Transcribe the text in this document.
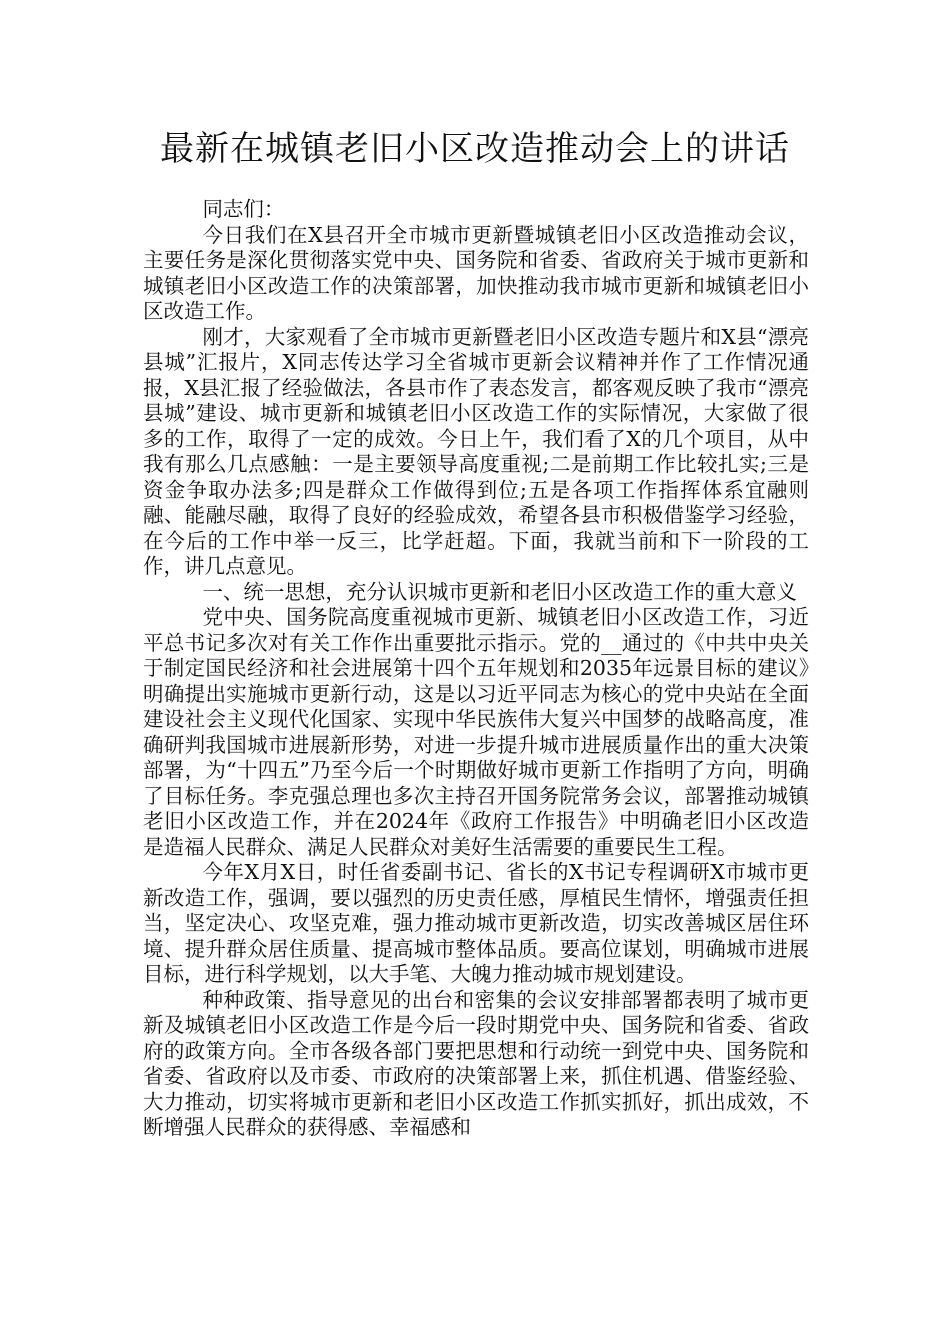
最新在城镇老旧小区改造推动会上的讲话

同志们：

今日我们在X县召开全市城市更新暨城镇老旧小区改造推动会议，主要任务是深化贯彻落实党中央、国务院和省委、省政府关于城市更新和城镇老旧小区改造工作的决策部署，加快推动我市城市更新和城镇老旧小区改造工作。

刚才，大家观看了全市城市更新暨老旧小区改造专题片和X县“漂亮县城”汇报片，X同志传达学习全省城市更新会议精神并作了工作情况通报，X县汇报了经验做法，各县市作了表态发言，都客观反映了我市“漂亮县城”建设、城市更新和城镇老旧小区改造工作的实际情况，大家做了很多的工作，取得了一定的成效。今日上午，我们看了X的几个项目，从中我有那么几点感触：一是主要领导高度重视;二是前期工作比较扎实;三是资金争取办法多;四是群众工作做得到位;五是各项工作指挥体系宜融则融、能融尽融，取得了良好的经验成效，希望各县市积极借鉴学习经验，在今后的工作中举一反三，比学赶超。下面，我就当前和下一阶段的工作，讲几点意见。

一、统一思想，充分认识城市更新和老旧小区改造工作的重大意义

党中央、国务院高度重视城市更新、城镇老旧小区改造工作，习近平总书记多次对有关工作作出重要批示指示。党的__通过的《中共中央关于制定国民经济和社会进展第十四个五年规划和2035年远景目标的建议》明确提出实施城市更新行动，这是以习近平同志为核心的党中央站在全面建设社会主义现代化国家、实现中华民族伟大复兴中国梦的战略高度，准确研判我国城市进展新形势，对进一步提升城市进展质量作出的重大决策部署，为“十四五”乃至今后一个时期做好城市更新工作指明了方向，明确了目标任务。李克强总理也多次主持召开国务院常务会议，部署推动城镇老旧小区改造工作，并在2024年《政府工作报告》中明确老旧小区改造是造福人民群众、满足人民群众对美好生活需要的重要民生工程。

今年X月X日，时任省委副书记、省长的X书记专程调研X市城市更新改造工作，强调，要以强烈的历史责任感，厚植民生情怀，增强责任担当，坚定决心、攻坚克难，强力推动城市更新改造，切实改善城区居住环境、提升群众居住质量、提高城市整体品质。要高位谋划，明确城市进展目标，进行科学规划，以大手笔、大魄力推动城市规划建设。

种种政策、指导意见的出台和密集的会议安排部署都表明了城市更新及城镇老旧小区改造工作是今后一段时期党中央、国务院和省委、省政府的政策方向。全市各级各部门要把思想和行动统一到党中央、国务院和省委、省政府以及市委、市政府的决策部署上来，抓住机遇、借鉴经验、大力推动，切实将城市更新和老旧小区改造工作抓实抓好，抓出成效，不断增强人民群众的获得感、幸福感和
